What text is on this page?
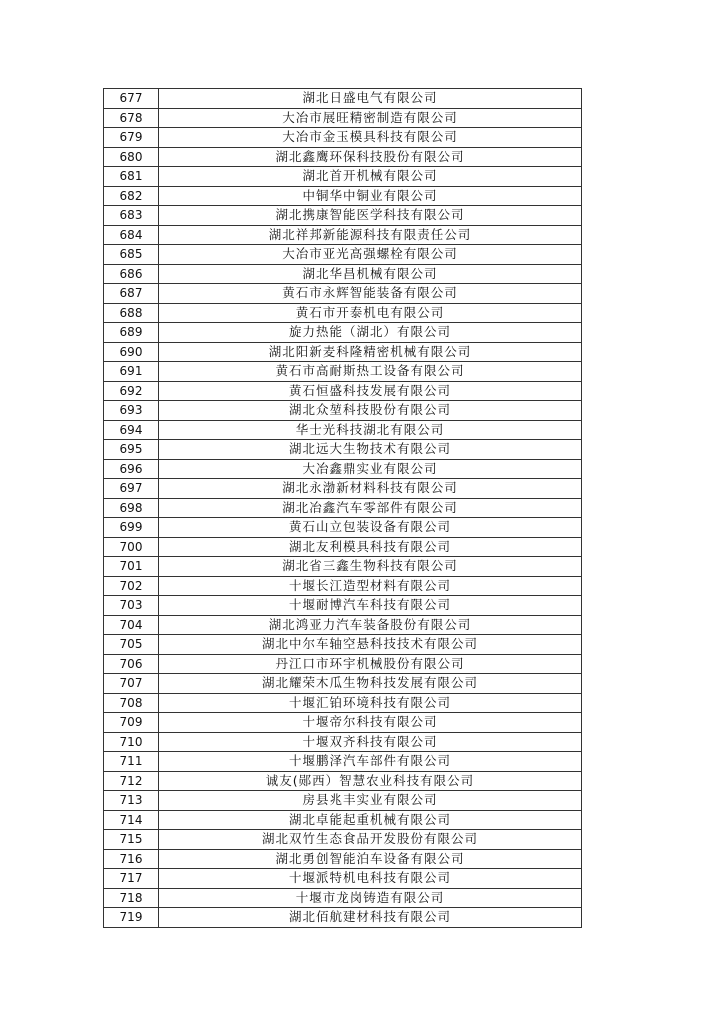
677	湖北日盛电气有限公司
678	大冶市展旺精密制造有限公司
679	大冶市金玉模具科技有限公司
680	湖北鑫鹰环保科技股份有限公司
681	湖北首开机械有限公司
682	中铜华中铜业有限公司
683	湖北携康智能医学科技有限公司
684	湖北祥邦新能源科技有限责任公司
685	大冶市亚光高强螺栓有限公司
686	湖北华昌机械有限公司
687	黄石市永辉智能装备有限公司
688	黄石市开泰机电有限公司
689	旋力热能（湖北）有限公司
690	湖北阳新麦科隆精密机械有限公司
691	黄石市高耐斯热工设备有限公司
692	黄石恒盛科技发展有限公司
693	湖北众堃科技股份有限公司
694	华士光科技湖北有限公司
695	湖北远大生物技术有限公司
696	大冶鑫鼎实业有限公司
697	湖北永渤新材料科技有限公司
698	湖北冶鑫汽车零部件有限公司
699	黄石山立包装设备有限公司
700	湖北友利模具科技有限公司
701	湖北省三鑫生物科技有限公司
702	十堰长江造型材料有限公司
703	十堰耐博汽车科技有限公司
704	湖北鸿亚力汽车装备股份有限公司
705	湖北中尔车轴空悬科技技术有限公司
706	丹江口市环宇机械股份有限公司
707	湖北耀荣木瓜生物科技发展有限公司
708	十堰汇铂环境科技有限公司
709	十堰帝尔科技有限公司
710	十堰双齐科技有限公司
711	十堰鹏泽汽车部件有限公司
712	诚友(郧西）智慧农业科技有限公司
713	房县兆丰实业有限公司
714	湖北卓能起重机械有限公司
715	湖北双竹生态食品开发股份有限公司
716	湖北勇创智能泊车设备有限公司
717	十堰派特机电科技有限公司
718	十堰市龙岗铸造有限公司
719	湖北佰航建材科技有限公司
